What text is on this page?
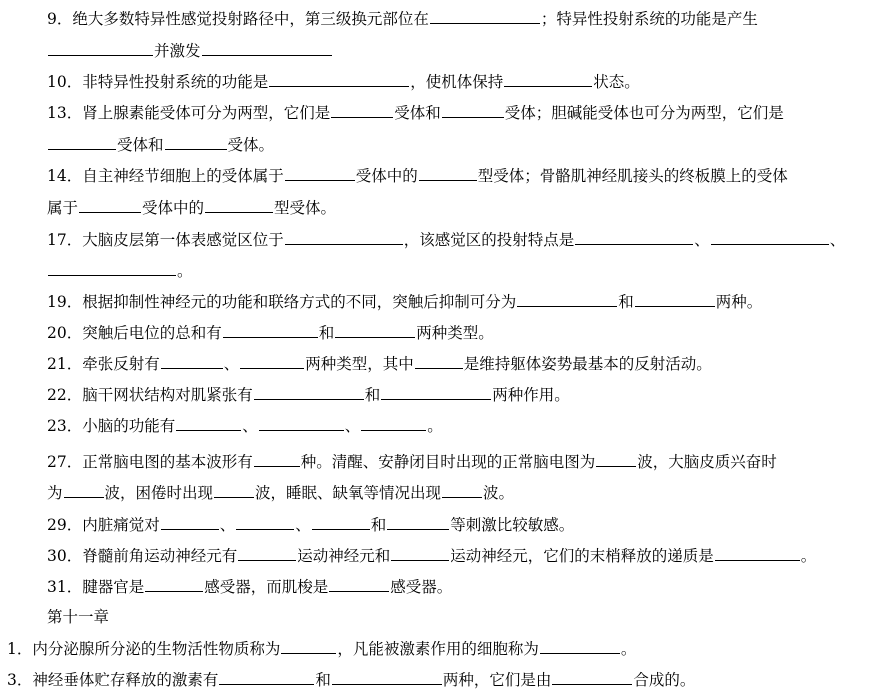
9．绝大多数特异性感觉投射路径中，第三级换元部位在	；特异性投射系统的功能是产生
并激发
10．非特异性投射系统的功能是	，使机体保持	状态。
13．肾上腺素能受体可分为两型，它们是	受体和	受体；胆碱能受体也可分为两型，它们是
受体和	受体。
14．自主神经节细胞上的受体属于	受体中的	型受体；骨骼肌神经肌接头的终板膜上的受体
属于	受体中的	型受体。
17．大脑皮层第一体表感觉区位于	，该感觉区的投射特点是	、	、
。
19．根据抑制性神经元的功能和联络方式的不同，突触后抑制可分为	和	两种。
20．突触后电位的总和有	和	两种类型。
21．牵张反射有	、	两种类型，其中	是维持躯体姿势最基本的反射活动。
22．脑干网状结构对肌紧张有	和	两种作用。
23．小脑的功能有	、	、	。
27．正常脑电图的基本波形有	种。清醒、安静闭目时出现的正常脑电图为	波，大脑皮质兴奋时
为	波，困倦时出现	波，睡眠、缺氧等情况出现	波。
29．内脏痛觉对	、	、	和	等刺激比较敏感。
30．脊髓前角运动神经元有	运动神经元和	运动神经元，它们的末梢释放的递质是	。
31．腱器官是	感受器，而肌梭是	感受器。
第十一章
1．内分泌腺所分泌的生物活性物质称为	，凡能被激素作用的细胞称为	。
3．神经垂体贮存释放的激素有	和	两种，它们是由	合成的。
